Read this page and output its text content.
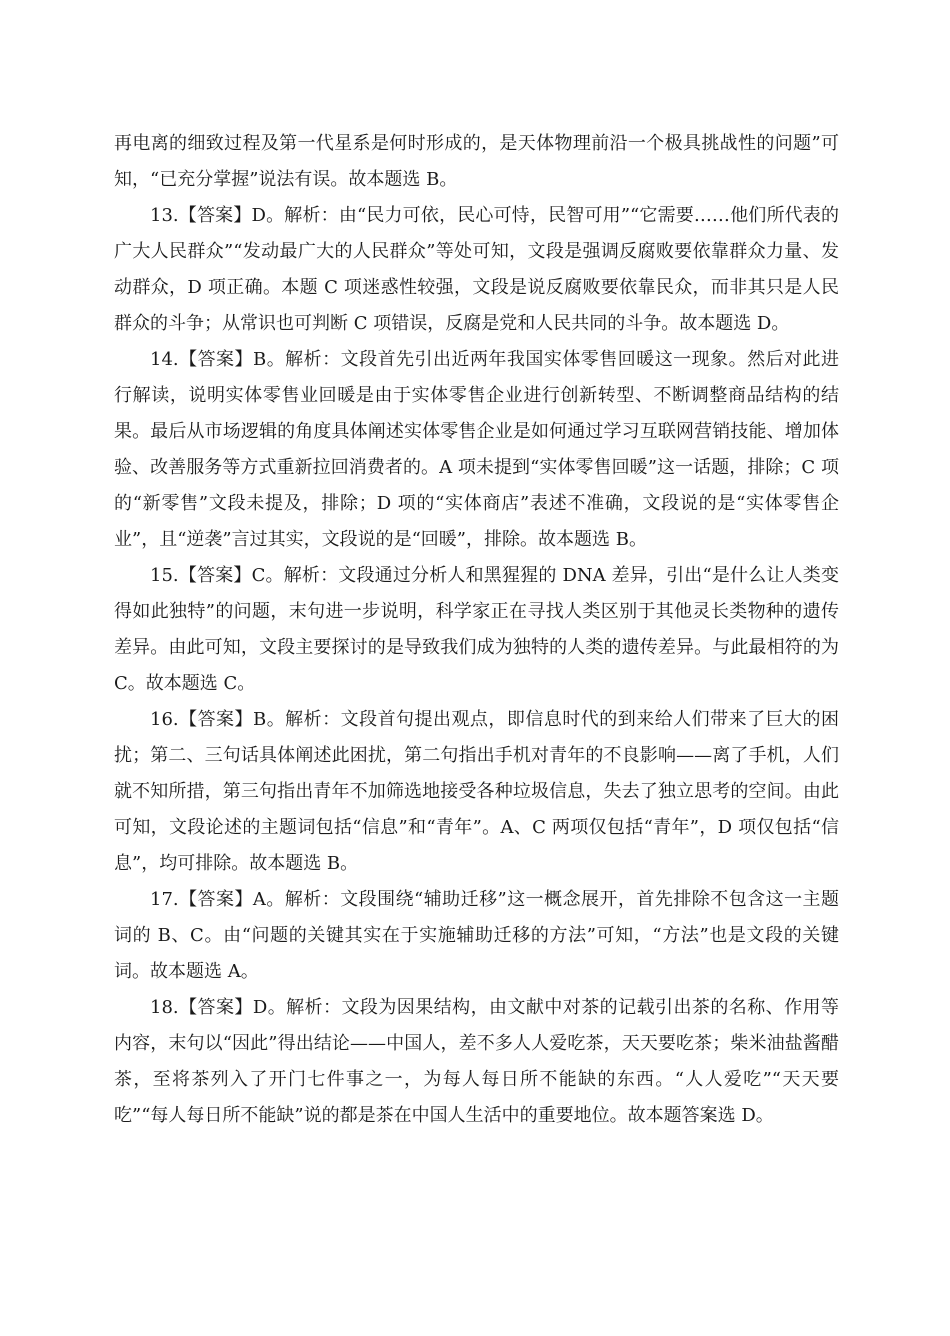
再电离的细致过程及第一代星系是何时形成的，是天体物理前沿一个极具挑战性的问题”可知，“已充分掌握”说法有误。故本题选 B。

13.【答案】D。解析：由“民力可依，民心可恃，民智可用”“它需要……他们所代表的广大人民群众”“发动最广大的人民群众”等处可知，文段是强调反腐败要依靠群众力量、发动群众，D 项正确。本题 C 项迷惑性较强，文段是说反腐败要依靠民众，而非其只是人民群众的斗争；从常识也可判断 C 项错误，反腐是党和人民共同的斗争。故本题选 D。

14.【答案】B。解析：文段首先引出近两年我国实体零售回暖这一现象。然后对此进行解读，说明实体零售业回暖是由于实体零售企业进行创新转型、不断调整商品结构的结果。最后从市场逻辑的角度具体阐述实体零售企业是如何通过学习互联网营销技能、增加体验、改善服务等方式重新拉回消费者的。A 项未提到“实体零售回暖”这一话题，排除；C 项的“新零售”文段未提及，排除；D 项的“实体商店”表述不准确，文段说的是“实体零售企业”，且“逆袭”言过其实，文段说的是“回暖”，排除。故本题选 B。

15.【答案】C。解析：文段通过分析人和黑猩猩的 DNA 差异，引出“是什么让人类变得如此独特”的问题，末句进一步说明，科学家正在寻找人类区别于其他灵长类物种的遗传差异。由此可知，文段主要探讨的是导致我们成为独特的人类的遗传差异。与此最相符的为 C。故本题选 C。

16.【答案】B。解析：文段首句提出观点，即信息时代的到来给人们带来了巨大的困扰；第二、三句话具体阐述此困扰，第二句指出手机对青年的不良影响——离了手机，人们就不知所措，第三句指出青年不加筛选地接受各种垃圾信息，失去了独立思考的空间。由此可知，文段论述的主题词包括“信息”和“青年”。A、C 两项仅包括“青年”，D 项仅包括“信息”，均可排除。故本题选 B。

17.【答案】A。解析：文段围绕“辅助迁移”这一概念展开，首先排除不包含这一主题词的 B、C。由“问题的关键其实在于实施辅助迁移的方法”可知，“方法”也是文段的关键词。故本题选 A。

18.【答案】D。解析：文段为因果结构，由文献中对茶的记载引出茶的名称、作用等内容，末句以“因此”得出结论——中国人，差不多人人爱吃茶，天天要吃茶；柴米油盐酱醋茶，至将茶列入了开门七件事之一，为每人每日所不能缺的东西。“人人爱吃”“天天要吃”“每人每日所不能缺”说的都是茶在中国人生活中的重要地位。故本题答案选 D。
